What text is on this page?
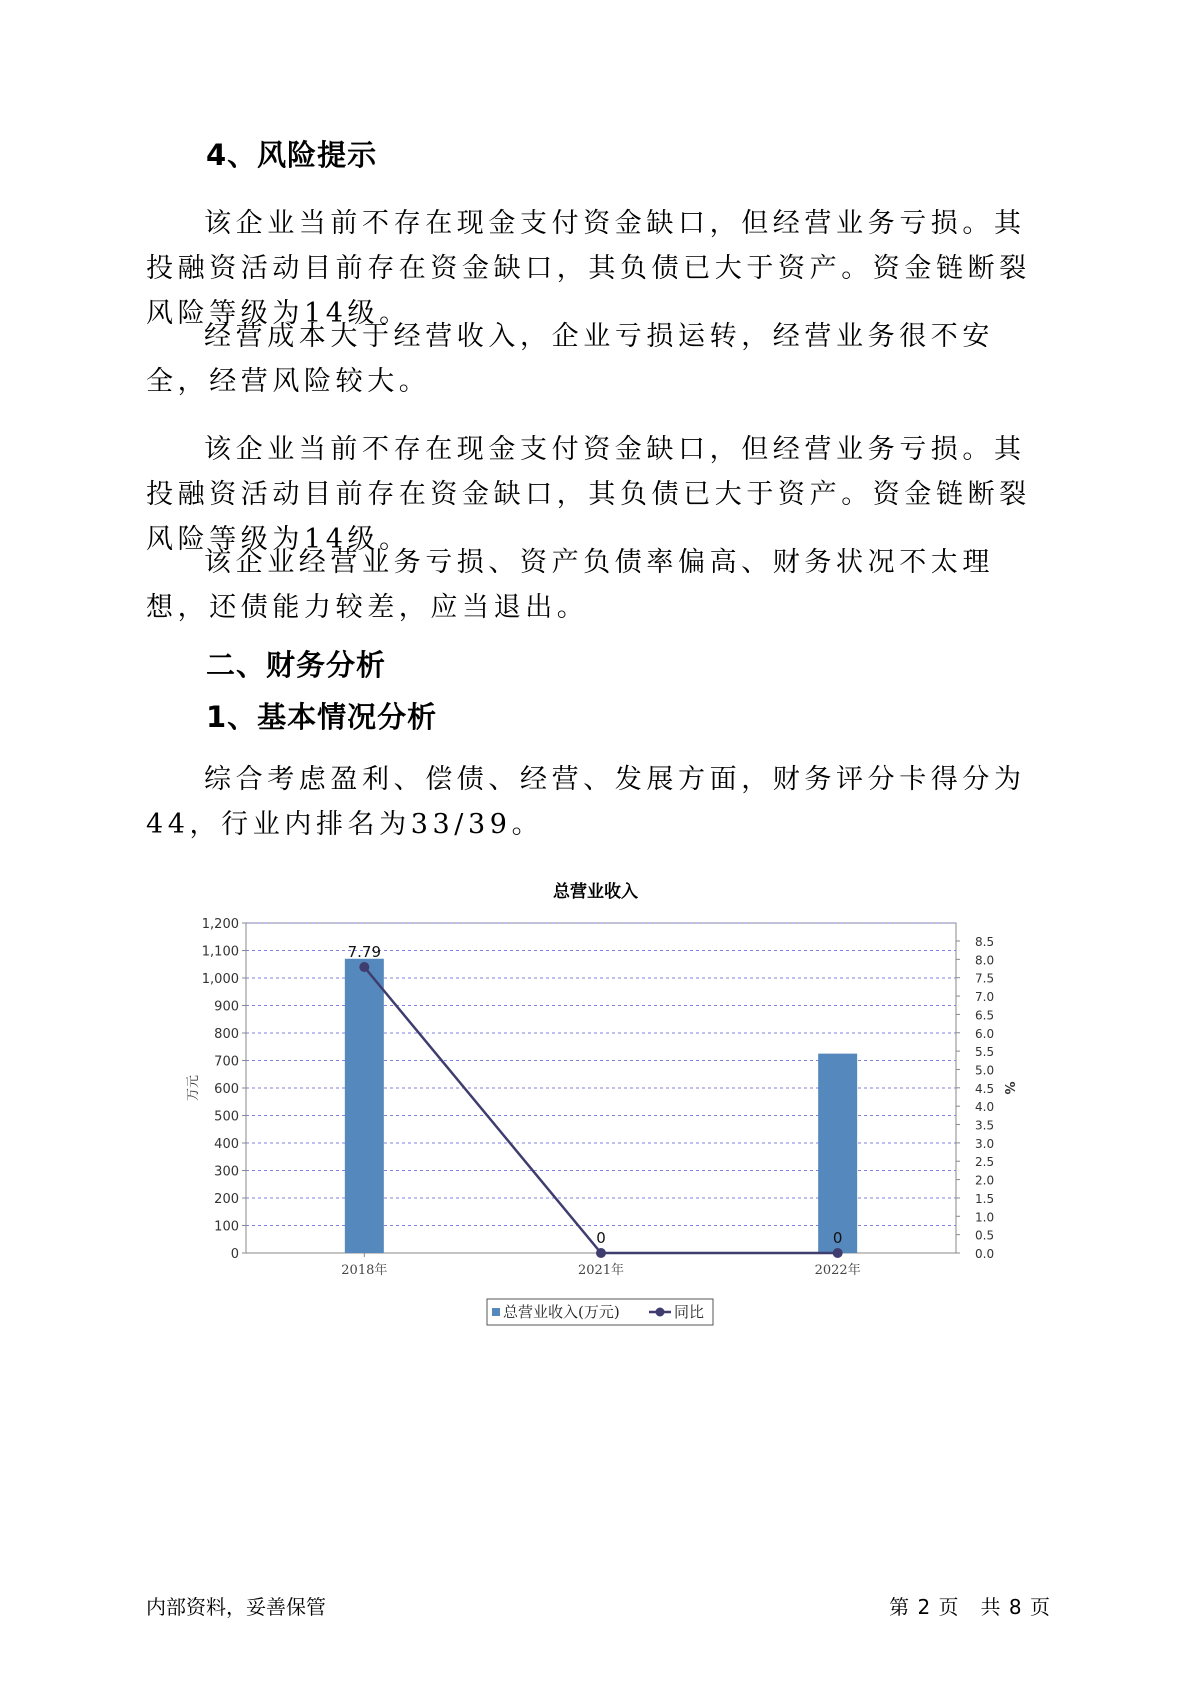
4、风险提示

该企业当前不存在现金支付资金缺口，但经营业务亏损。其投融资活动目前存在资金缺口，其负债已大于资产。资金链断裂风险等级为14级。

经营成本大于经营收入，企业亏损运转，经营业务很不安全，经营风险较大。

该企业当前不存在现金支付资金缺口，但经营业务亏损。其投融资活动目前存在资金缺口，其负债已大于资产。资金链断裂风险等级为14级。

该企业经营业务亏损、资产负债率偏高、财务状况不太理想，还债能力较差，应当退出。

二、财务分析
1、基本情况分析

综合考虑盈利、偿债、经营、发展方面，财务评分卡得分为44，行业内排名为33/39。

总营业收入
0
100
200
300
400
500
600
700
800
900
1,000
1,100
1,200
0.0
0.5
1.0
1.5
2.0
2.5
3.0
3.5
4.0
4.5
5.0
5.5
6.0
6.5
7.0
7.5
8.0
8.5
万元	%
2018年	2021年	2022年
7.79
0	0
总营业收入(万元)	同比
内部资料，妥善保管	第 2 页　共 8 页
